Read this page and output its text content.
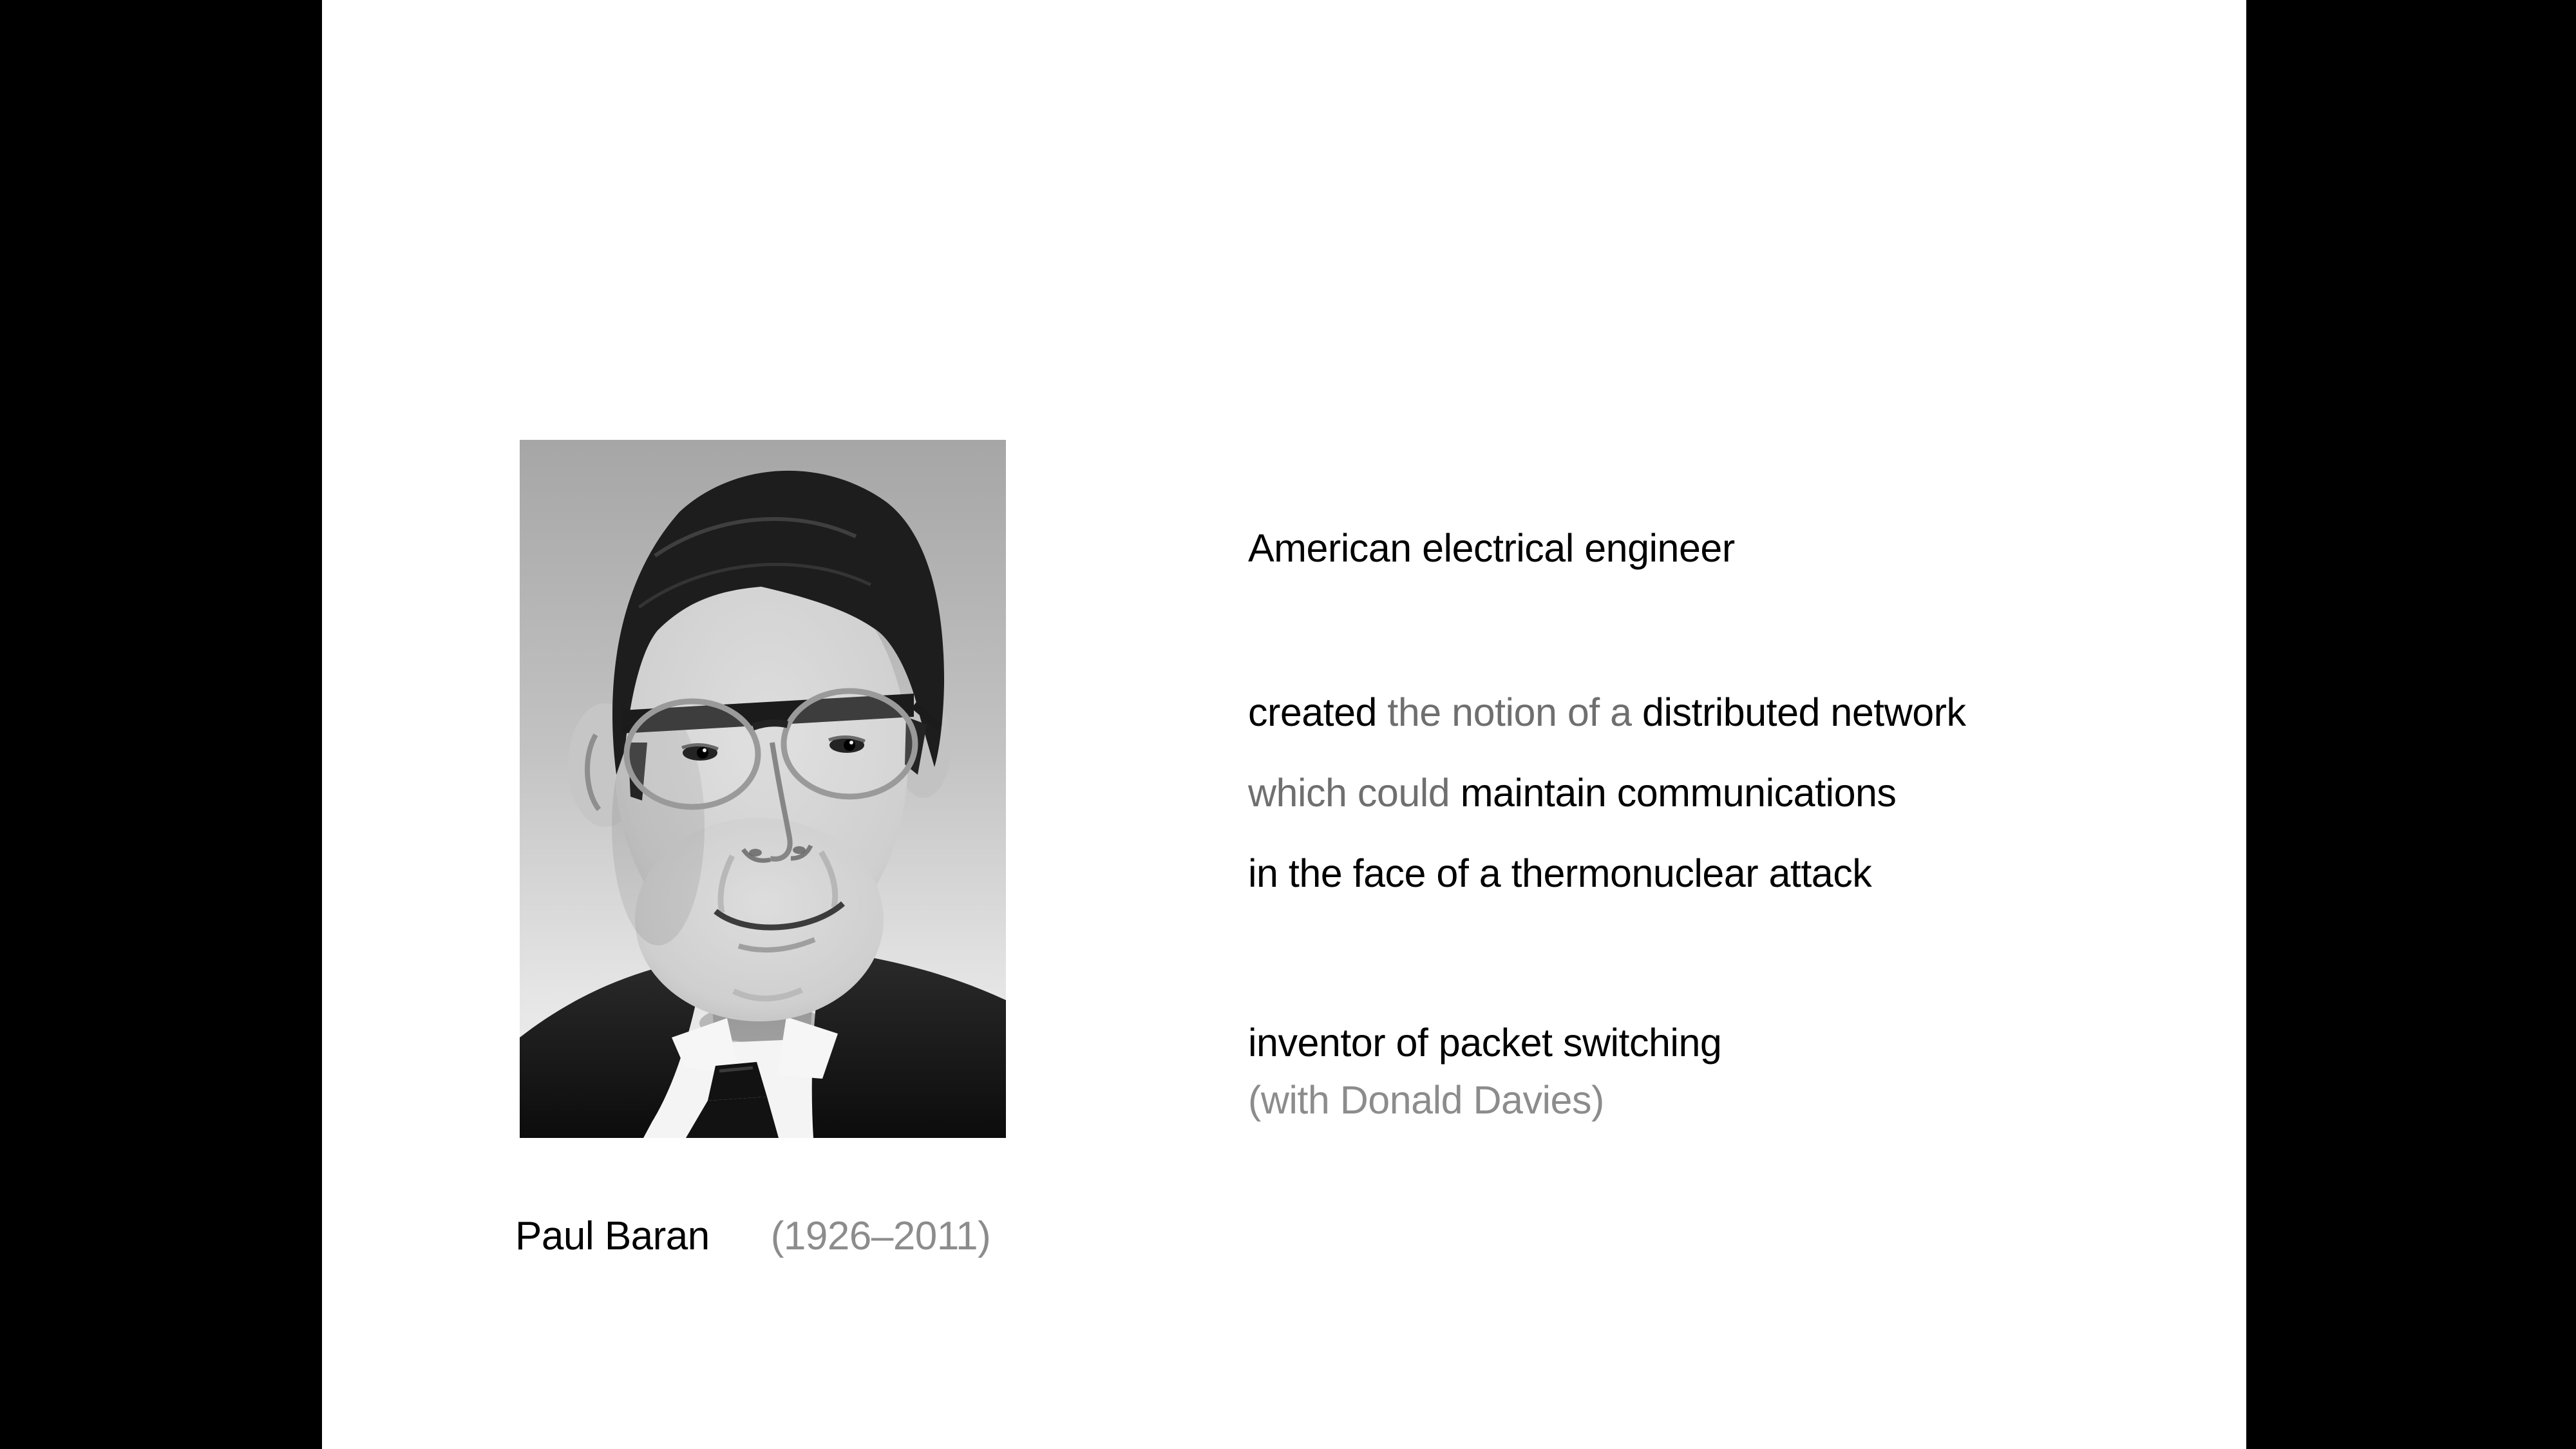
Paul Baran (1926–2011)
American electrical engineer
created the notion of a distributed network
which could maintain communications
in the face of a thermonuclear attack
inventor of packet switching
(with Donald Davies)
